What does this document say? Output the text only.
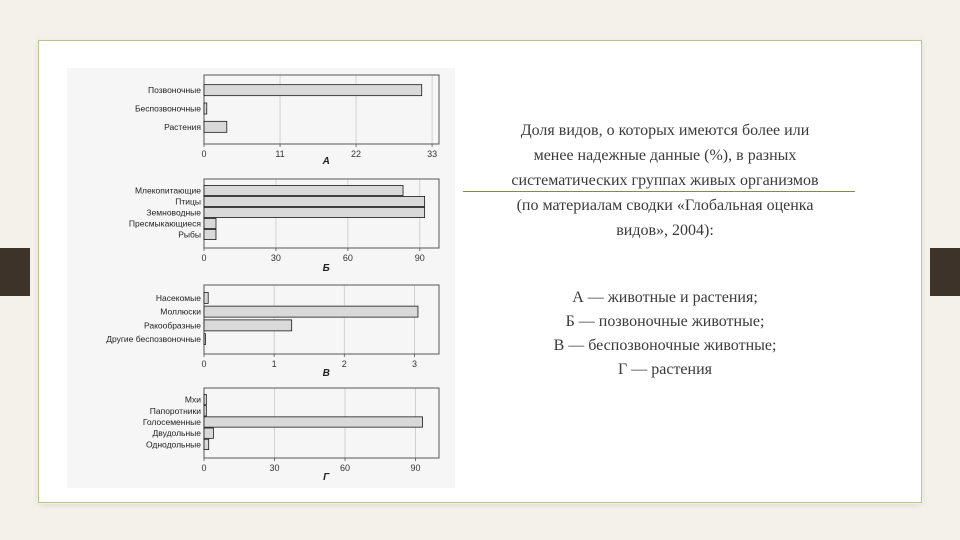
Позвоночные
Беспозвоночные
Растения
0	11	22	33
А
Млекопитающие
Птицы
Земноводные
Пресмыкающиеся
Рыбы
0	30	60	90
Б
Насекомые
Моллюски
Ракообразные
Другие беспозвоночные
0	1	2	3
В
Мхи
Папоротники
Голосеменные
Двудольные
Однодольные
0	30	60	90
Г
Доля видов, о которых имеются более или
менее надежные данные (%), в разных
систематических группах живых организмов
(по материалам сводки «Глобальная оценка
видов», 2004):
А — животные и растения;
Б — позвоночные животные;
В — беспозвоночные животные;
Г — растения
